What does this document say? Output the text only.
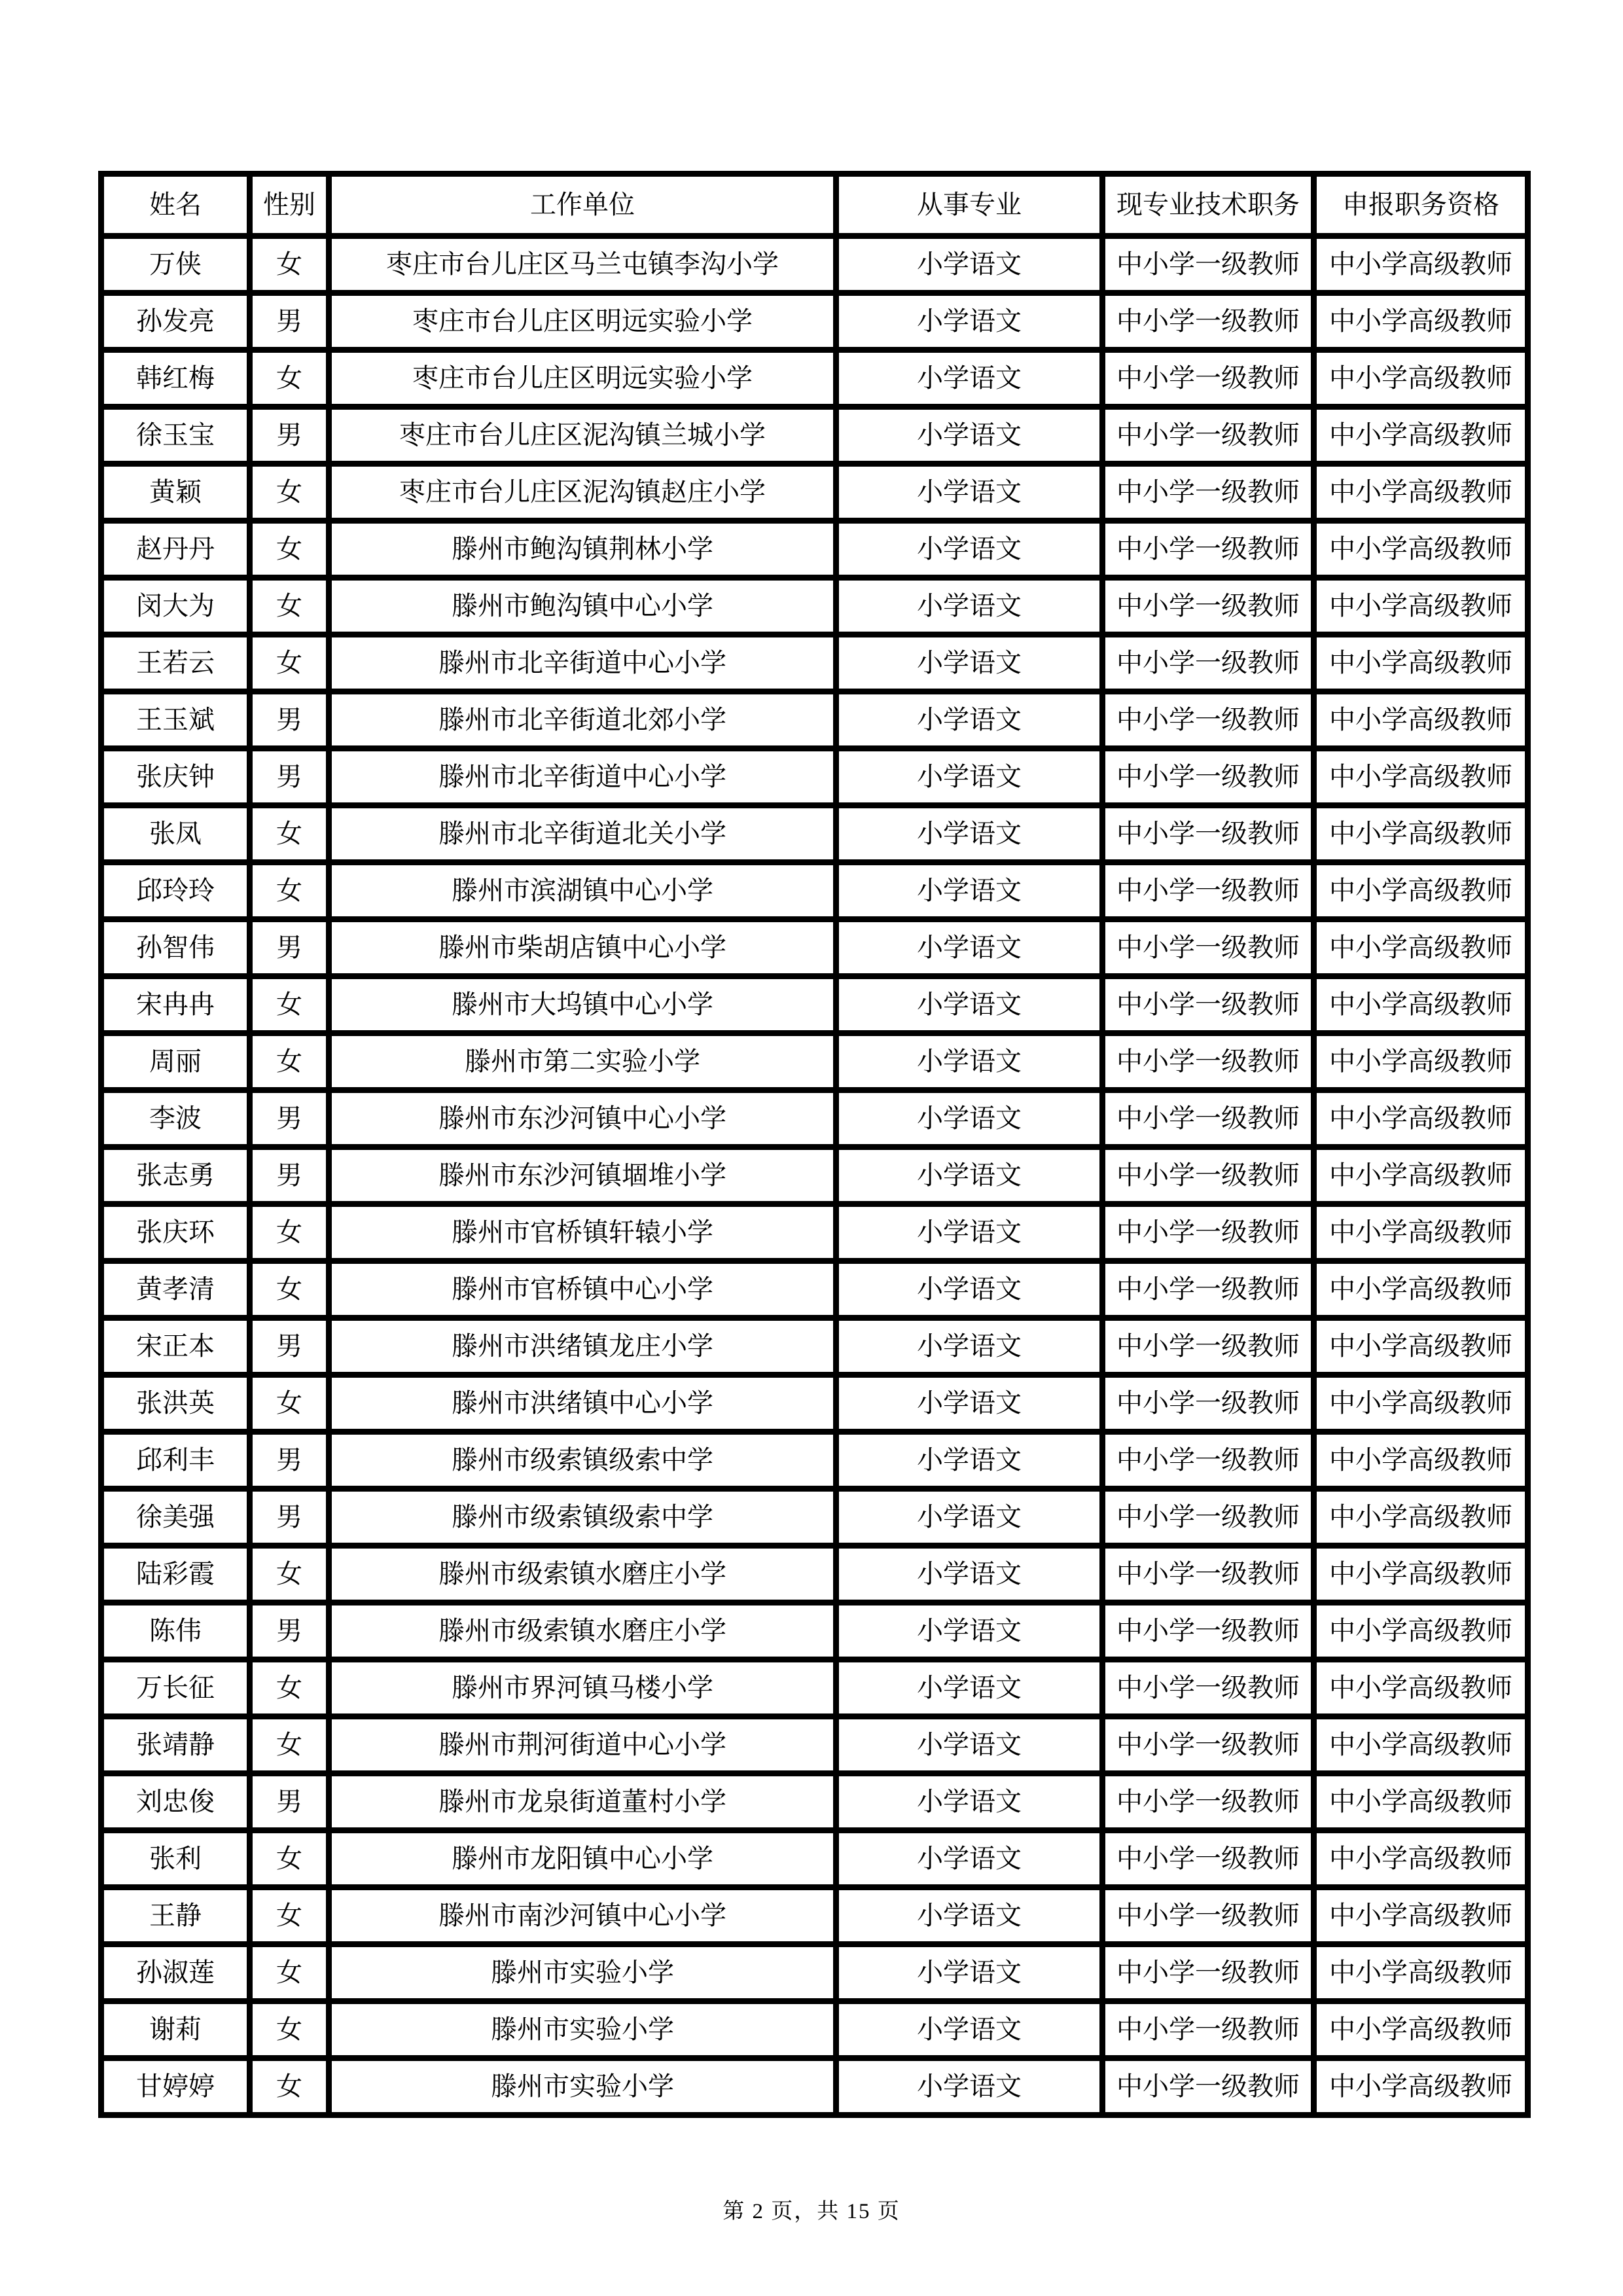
姓名	性别	工作单位	从事专业	现专业技术职务	申报职务资格
万侠	女	枣庄市台儿庄区马兰屯镇李沟小学	小学语文	中小学一级教师	中小学高级教师
孙发亮	男	枣庄市台儿庄区明远实验小学	小学语文	中小学一级教师	中小学高级教师
韩红梅	女	枣庄市台儿庄区明远实验小学	小学语文	中小学一级教师	中小学高级教师
徐玉宝	男	枣庄市台儿庄区泥沟镇兰城小学	小学语文	中小学一级教师	中小学高级教师
黄颖	女	枣庄市台儿庄区泥沟镇赵庄小学	小学语文	中小学一级教师	中小学高级教师
赵丹丹	女	滕州市鲍沟镇荆林小学	小学语文	中小学一级教师	中小学高级教师
闵大为	女	滕州市鲍沟镇中心小学	小学语文	中小学一级教师	中小学高级教师
王若云	女	滕州市北辛街道中心小学	小学语文	中小学一级教师	中小学高级教师
王玉斌	男	滕州市北辛街道北郊小学	小学语文	中小学一级教师	中小学高级教师
张庆钟	男	滕州市北辛街道中心小学	小学语文	中小学一级教师	中小学高级教师
张凤	女	滕州市北辛街道北关小学	小学语文	中小学一级教师	中小学高级教师
邱玲玲	女	滕州市滨湖镇中心小学	小学语文	中小学一级教师	中小学高级教师
孙智伟	男	滕州市柴胡店镇中心小学	小学语文	中小学一级教师	中小学高级教师
宋冉冉	女	滕州市大坞镇中心小学	小学语文	中小学一级教师	中小学高级教师
周丽	女	滕州市第二实验小学	小学语文	中小学一级教师	中小学高级教师
李波	男	滕州市东沙河镇中心小学	小学语文	中小学一级教师	中小学高级教师
张志勇	男	滕州市东沙河镇堌堆小学	小学语文	中小学一级教师	中小学高级教师
张庆环	女	滕州市官桥镇轩辕小学	小学语文	中小学一级教师	中小学高级教师
黄孝清	女	滕州市官桥镇中心小学	小学语文	中小学一级教师	中小学高级教师
宋正本	男	滕州市洪绪镇龙庄小学	小学语文	中小学一级教师	中小学高级教师
张洪英	女	滕州市洪绪镇中心小学	小学语文	中小学一级教师	中小学高级教师
邱利丰	男	滕州市级索镇级索中学	小学语文	中小学一级教师	中小学高级教师
徐美强	男	滕州市级索镇级索中学	小学语文	中小学一级教师	中小学高级教师
陆彩霞	女	滕州市级索镇水磨庄小学	小学语文	中小学一级教师	中小学高级教师
陈伟	男	滕州市级索镇水磨庄小学	小学语文	中小学一级教师	中小学高级教师
万长征	女	滕州市界河镇马楼小学	小学语文	中小学一级教师	中小学高级教师
张靖静	女	滕州市荆河街道中心小学	小学语文	中小学一级教师	中小学高级教师
刘忠俊	男	滕州市龙泉街道董村小学	小学语文	中小学一级教师	中小学高级教师
张利	女	滕州市龙阳镇中心小学	小学语文	中小学一级教师	中小学高级教师
王静	女	滕州市南沙河镇中心小学	小学语文	中小学一级教师	中小学高级教师
孙淑莲	女	滕州市实验小学	小学语文	中小学一级教师	中小学高级教师
谢莉	女	滕州市实验小学	小学语文	中小学一级教师	中小学高级教师
甘婷婷	女	滕州市实验小学	小学语文	中小学一级教师	中小学高级教师
第 2 页，共 15 页
